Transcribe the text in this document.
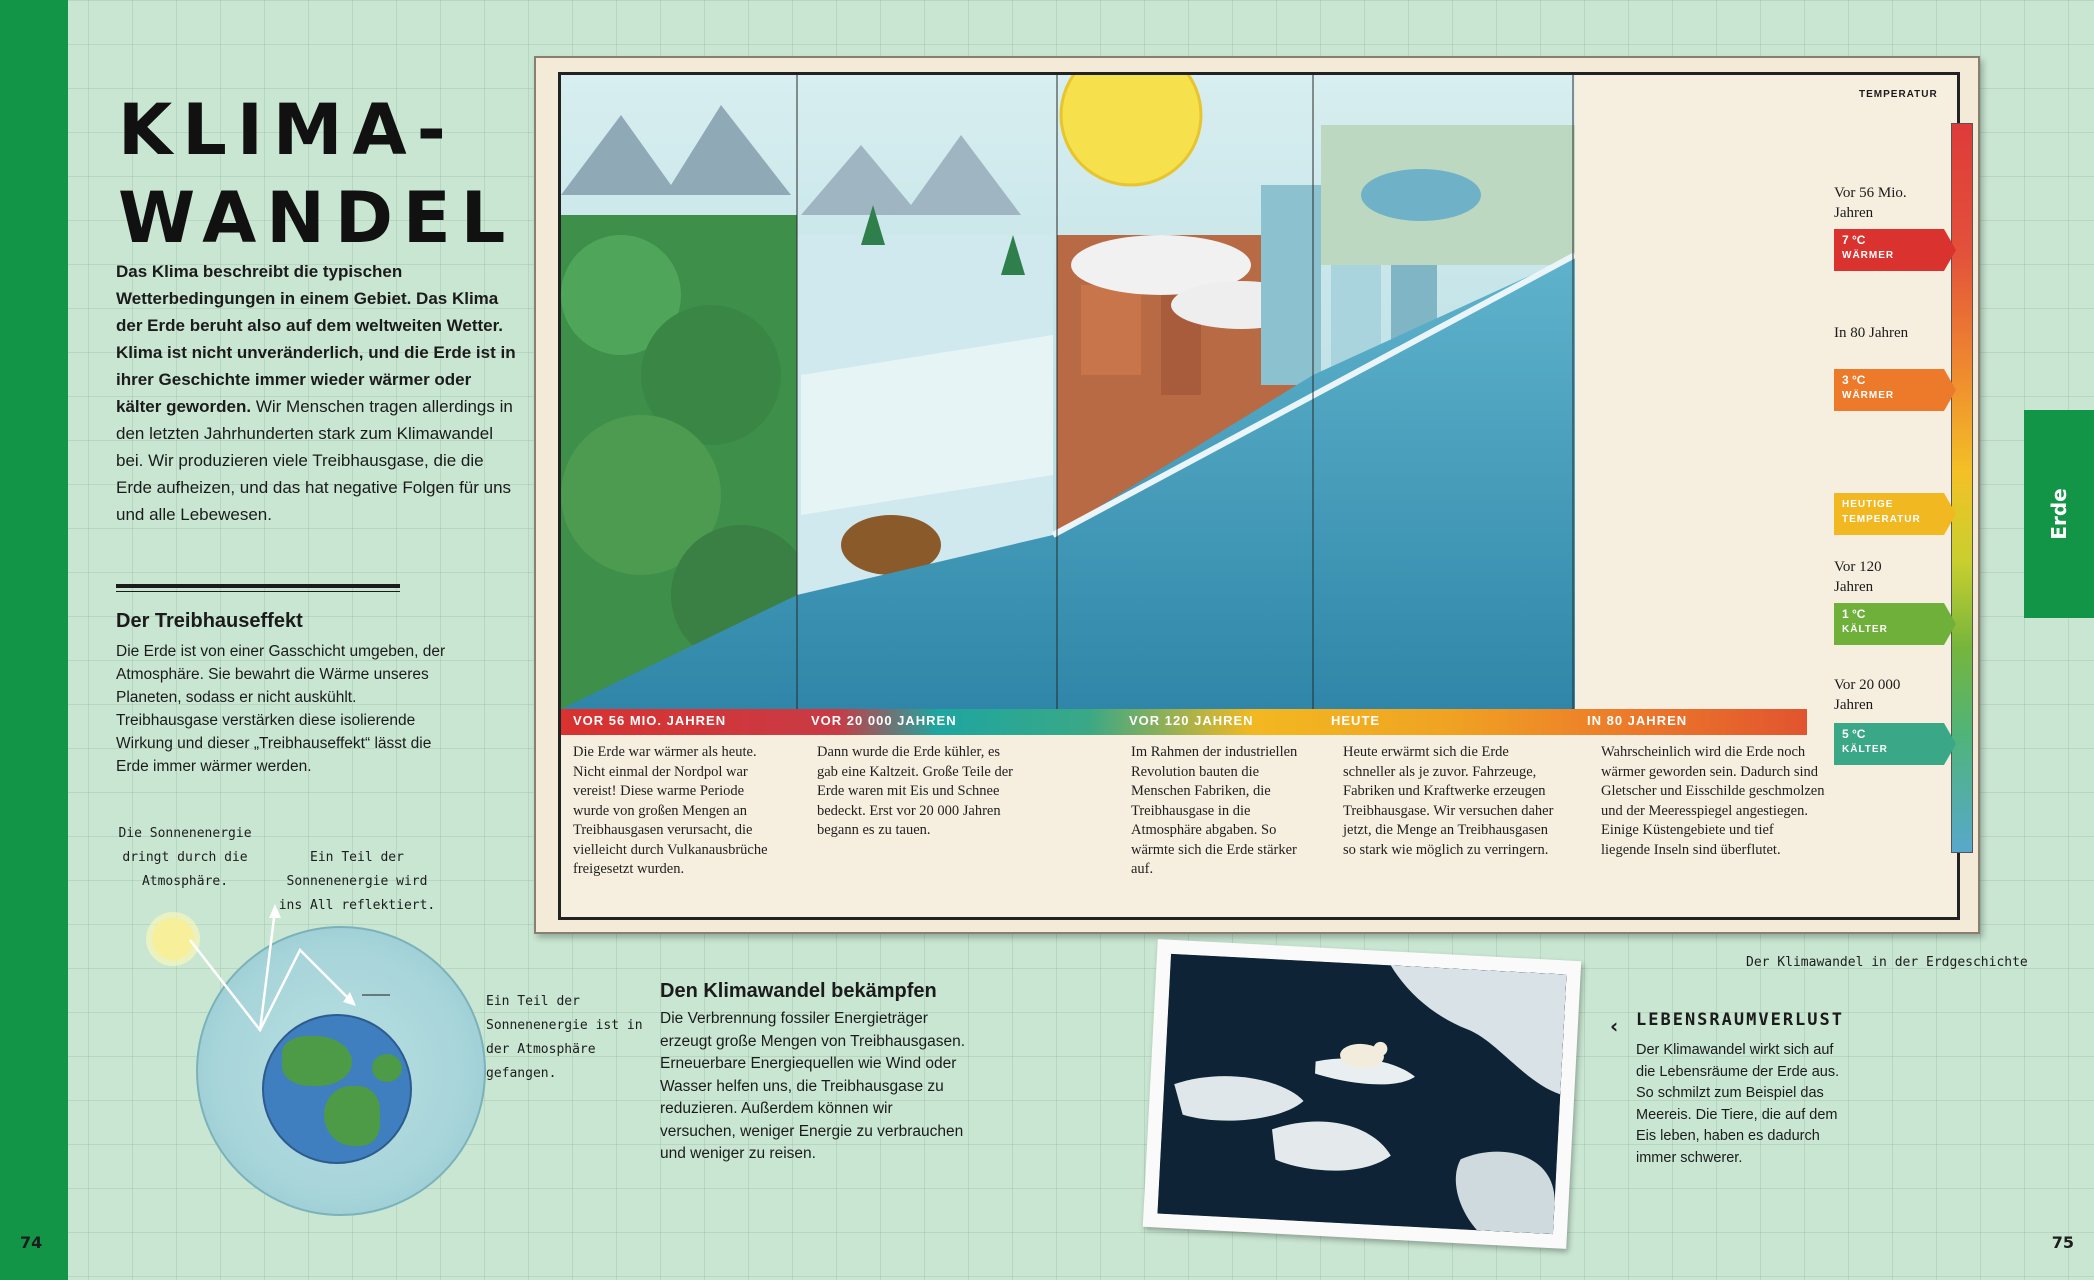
74	75
Erde
KLIMA-
WANDEL
Das Klima beschreibt die typischen Wetterbedingungen in einem Gebiet. Das Klima der Erde beruht also auf dem weltweiten Wetter. Klima ist nicht unveränderlich, und die Erde ist in ihrer Geschichte immer wieder wärmer oder kälter geworden. Wir Menschen tragen allerdings in den letzten Jahrhunderten stark zum Klimawandel bei. Wir produzieren viele Treibhausgase, die die Erde aufheizen, und das hat negative Folgen für uns und alle Lebewesen.
Der Treibhauseffekt
Die Erde ist von einer Gasschicht umgeben, der Atmosphäre. Sie bewahrt die Wärme unseres Planeten, sodass er nicht auskühlt. Treibhausgase verstärken diese isolierende Wirkung und dieser „Treibhauseffekt“ lässt die Erde immer wärmer werden.
Die Sonnenenergie dringt durch die Atmosphäre.
Ein Teil der Sonnenenergie wird ins All reflektiert.
Ein Teil der Sonnenenergie ist in der Atmosphäre gefangen.
Den Klimawandel bekämpfen
Die Verbrennung fossiler Energieträger erzeugt große Mengen von Treibhausgasen. Erneuerbare Energiequellen wie Wind oder Wasser helfen uns, die Treibhausgase zu reduzieren. Außerdem können wir versuchen, weniger Energie zu verbrauchen und weniger zu reisen.
VOR 56 MIO. JAHREN	VOR 20 000 JAHREN	VOR 120 JAHREN	HEUTE	IN 80 JAHREN
Die Erde war wärmer als heute. Nicht einmal der Nordpol war vereist! Diese warme Periode wurde von großen Mengen an Treibhausgasen verursacht, die vielleicht durch Vulkanausbrüche freigesetzt wurden.
Dann wurde die Erde kühler, es gab eine Kaltzeit. Große Teile der Erde waren mit Eis und Schnee bedeckt. Erst vor 20 000 Jahren begann es zu tauen.
Im Rahmen der industriellen Revolution bauten die Menschen Fabriken, die Treibhausgase in die Atmosphäre abgaben. So wärmte sich die Erde stärker auf.
Heute erwärmt sich die Erde schneller als je zuvor. Fahrzeuge, Fabriken und Kraftwerke erzeugen Treibhausgase. Wir versuchen daher jetzt, die Menge an Treibhausgasen so stark wie möglich zu verringern.
Wahrscheinlich wird die Erde noch wärmer geworden sein. Dadurch sind Gletscher und Eisschilde geschmolzen und der Meeresspiegel angestiegen. Einige Küstengebiete und tief liegende Inseln sind überflutet.
TEMPERATUR
Vor 56 Mio. Jahren
7 °C
WÄRMER
In 80 Jahren
3 °C
WÄRMER
HEUTIGE
TEMPERATUR
Vor 120 Jahren
1 °C
KÄLTER
Vor 20 000 Jahren
5 °C
KÄLTER
Der Klimawandel in der Erdgeschichte
‹ LEBENSRAUMVERLUST
Der Klimawandel wirkt sich auf die Lebensräume der Erde aus. So schmilzt zum Beispiel das Meereis. Die Tiere, die auf dem Eis leben, haben es dadurch immer schwerer.
